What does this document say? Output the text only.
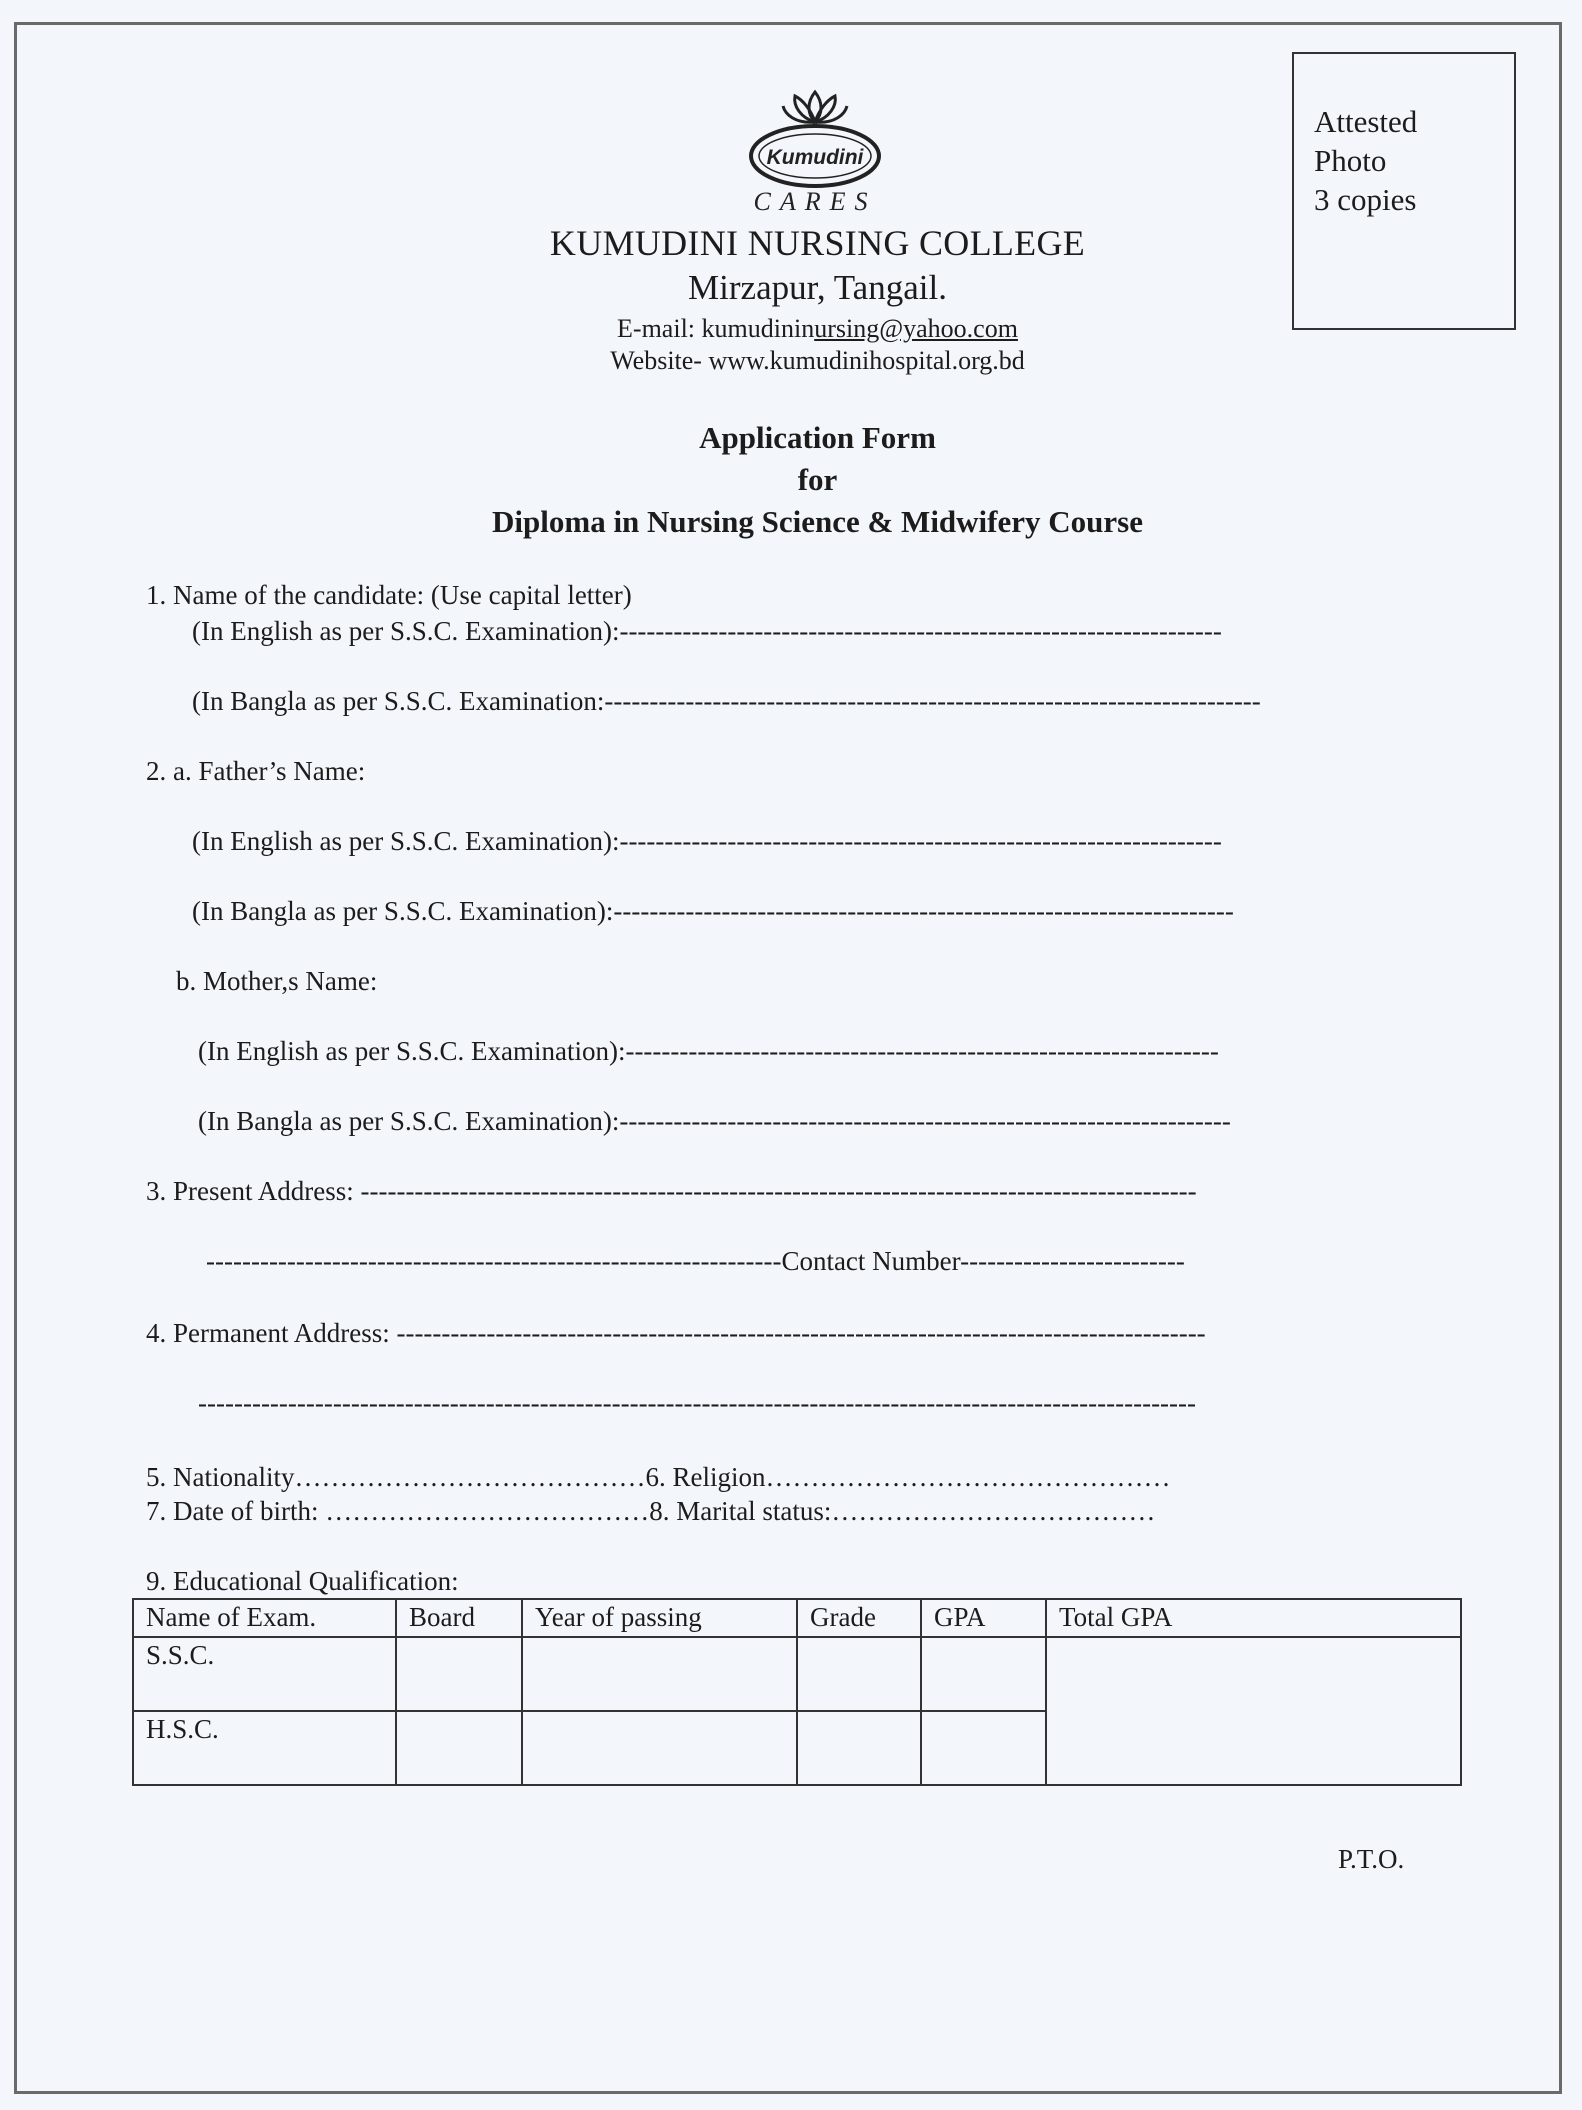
Attested
Photo
3 copies
Kumudini
CARES
KUMUDINI NURSING COLLEGE
Mirzapur, Tangail.
E-mail: kumudininursing@yahoo.com
Website- www.kumudinihospital.org.bd
Application Form
for
Diploma in Nursing Science & Midwifery Course
1. Name of the candidate: (Use capital letter)
(In English as per S.S.C. Examination):-------------------------------------------------------------------
(In Bangla as per S.S.C. Examination:-------------------------------------------------------------------------
2. a. Father’s Name:
(In English as per S.S.C. Examination):-------------------------------------------------------------------
(In Bangla as per S.S.C. Examination):---------------------------------------------------------------------
b. Mother,s Name:
(In English as per S.S.C. Examination):------------------------------------------------------------------
(In Bangla as per S.S.C. Examination):--------------------------------------------------------------------
3. Present Address: ---------------------------------------------------------------------------------------------
----------------------------------------------------------------Contact Number-------------------------
4. Permanent Address: ------------------------------------------------------------------------------------------
---------------------------------------------------------------------------------------------------------------
5. Nationality…………………………………6. Religion………………………………………
7. Date of birth: ………………………………8. Marital status:………………………………
9. Educational Qualification:
Name of Exam.	Board	Year of passing	Grade	GPA	Total GPA
S.S.C.					
H.S.C.					
P.T.O.
